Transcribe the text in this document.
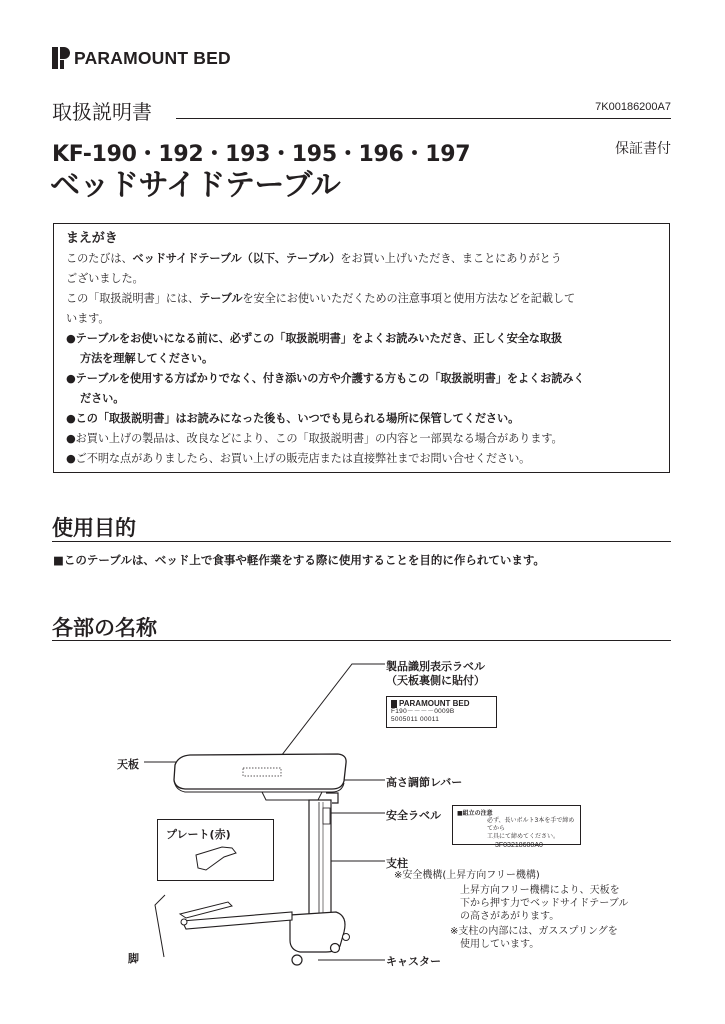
PARAMOUNT BED
取扱説明書	7K00186200A7
KF-190・192・193・195・196・197	保証書付
ベッドサイドテーブル
まえがき
このたびは、ベッドサイドテーブル（以下、テーブル）をお買い上げいただき、まことにありがとう
ございました。
この「取扱説明書」には、テーブルを安全にお使いいただくための注意事項と使用方法などを記載して
います。
●テーブルをお使いになる前に、必ずこの「取扱説明書」をよくお読みいただき、正しく安全な取扱
方法を理解してください。
●テーブルを使用する方ばかりでなく、付き添いの方や介護する方もこの「取扱説明書」をよくお読みく
ださい。
●この「取扱説明書」はお読みになった後も、いつでも見られる場所に保管してください。
●お買い上げの製品は、改良などにより、この「取扱説明書」の内容と一部異なる場合があります。
●ご不明な点がありましたら、お買い上げの販売店または直接弊社までお問い合せください。
使用目的
■このテーブルは、ベッド上で食事や軽作業をする際に使用することを目的に作られています。
各部の名称
製品識別表示ラベル
（天板裏側に貼付）
PARAMOUNT BED
F190－－－－0009B
5005011 00011
天板
高さ調節レバー
安全ラベル	■組立の注意
必ず、長いボルト3本を手で締めてから
工具にて締めてください。
3F03218600A0
プレート(赤)
支柱
※安全機構(上昇方向フリー機構)
上昇方向フリー機構により、天板を
下から押す力でベッドサイドテーブル
の高さがあがります。
※支柱の内部には、ガススプリングを
使用しています。
脚	キャスター
